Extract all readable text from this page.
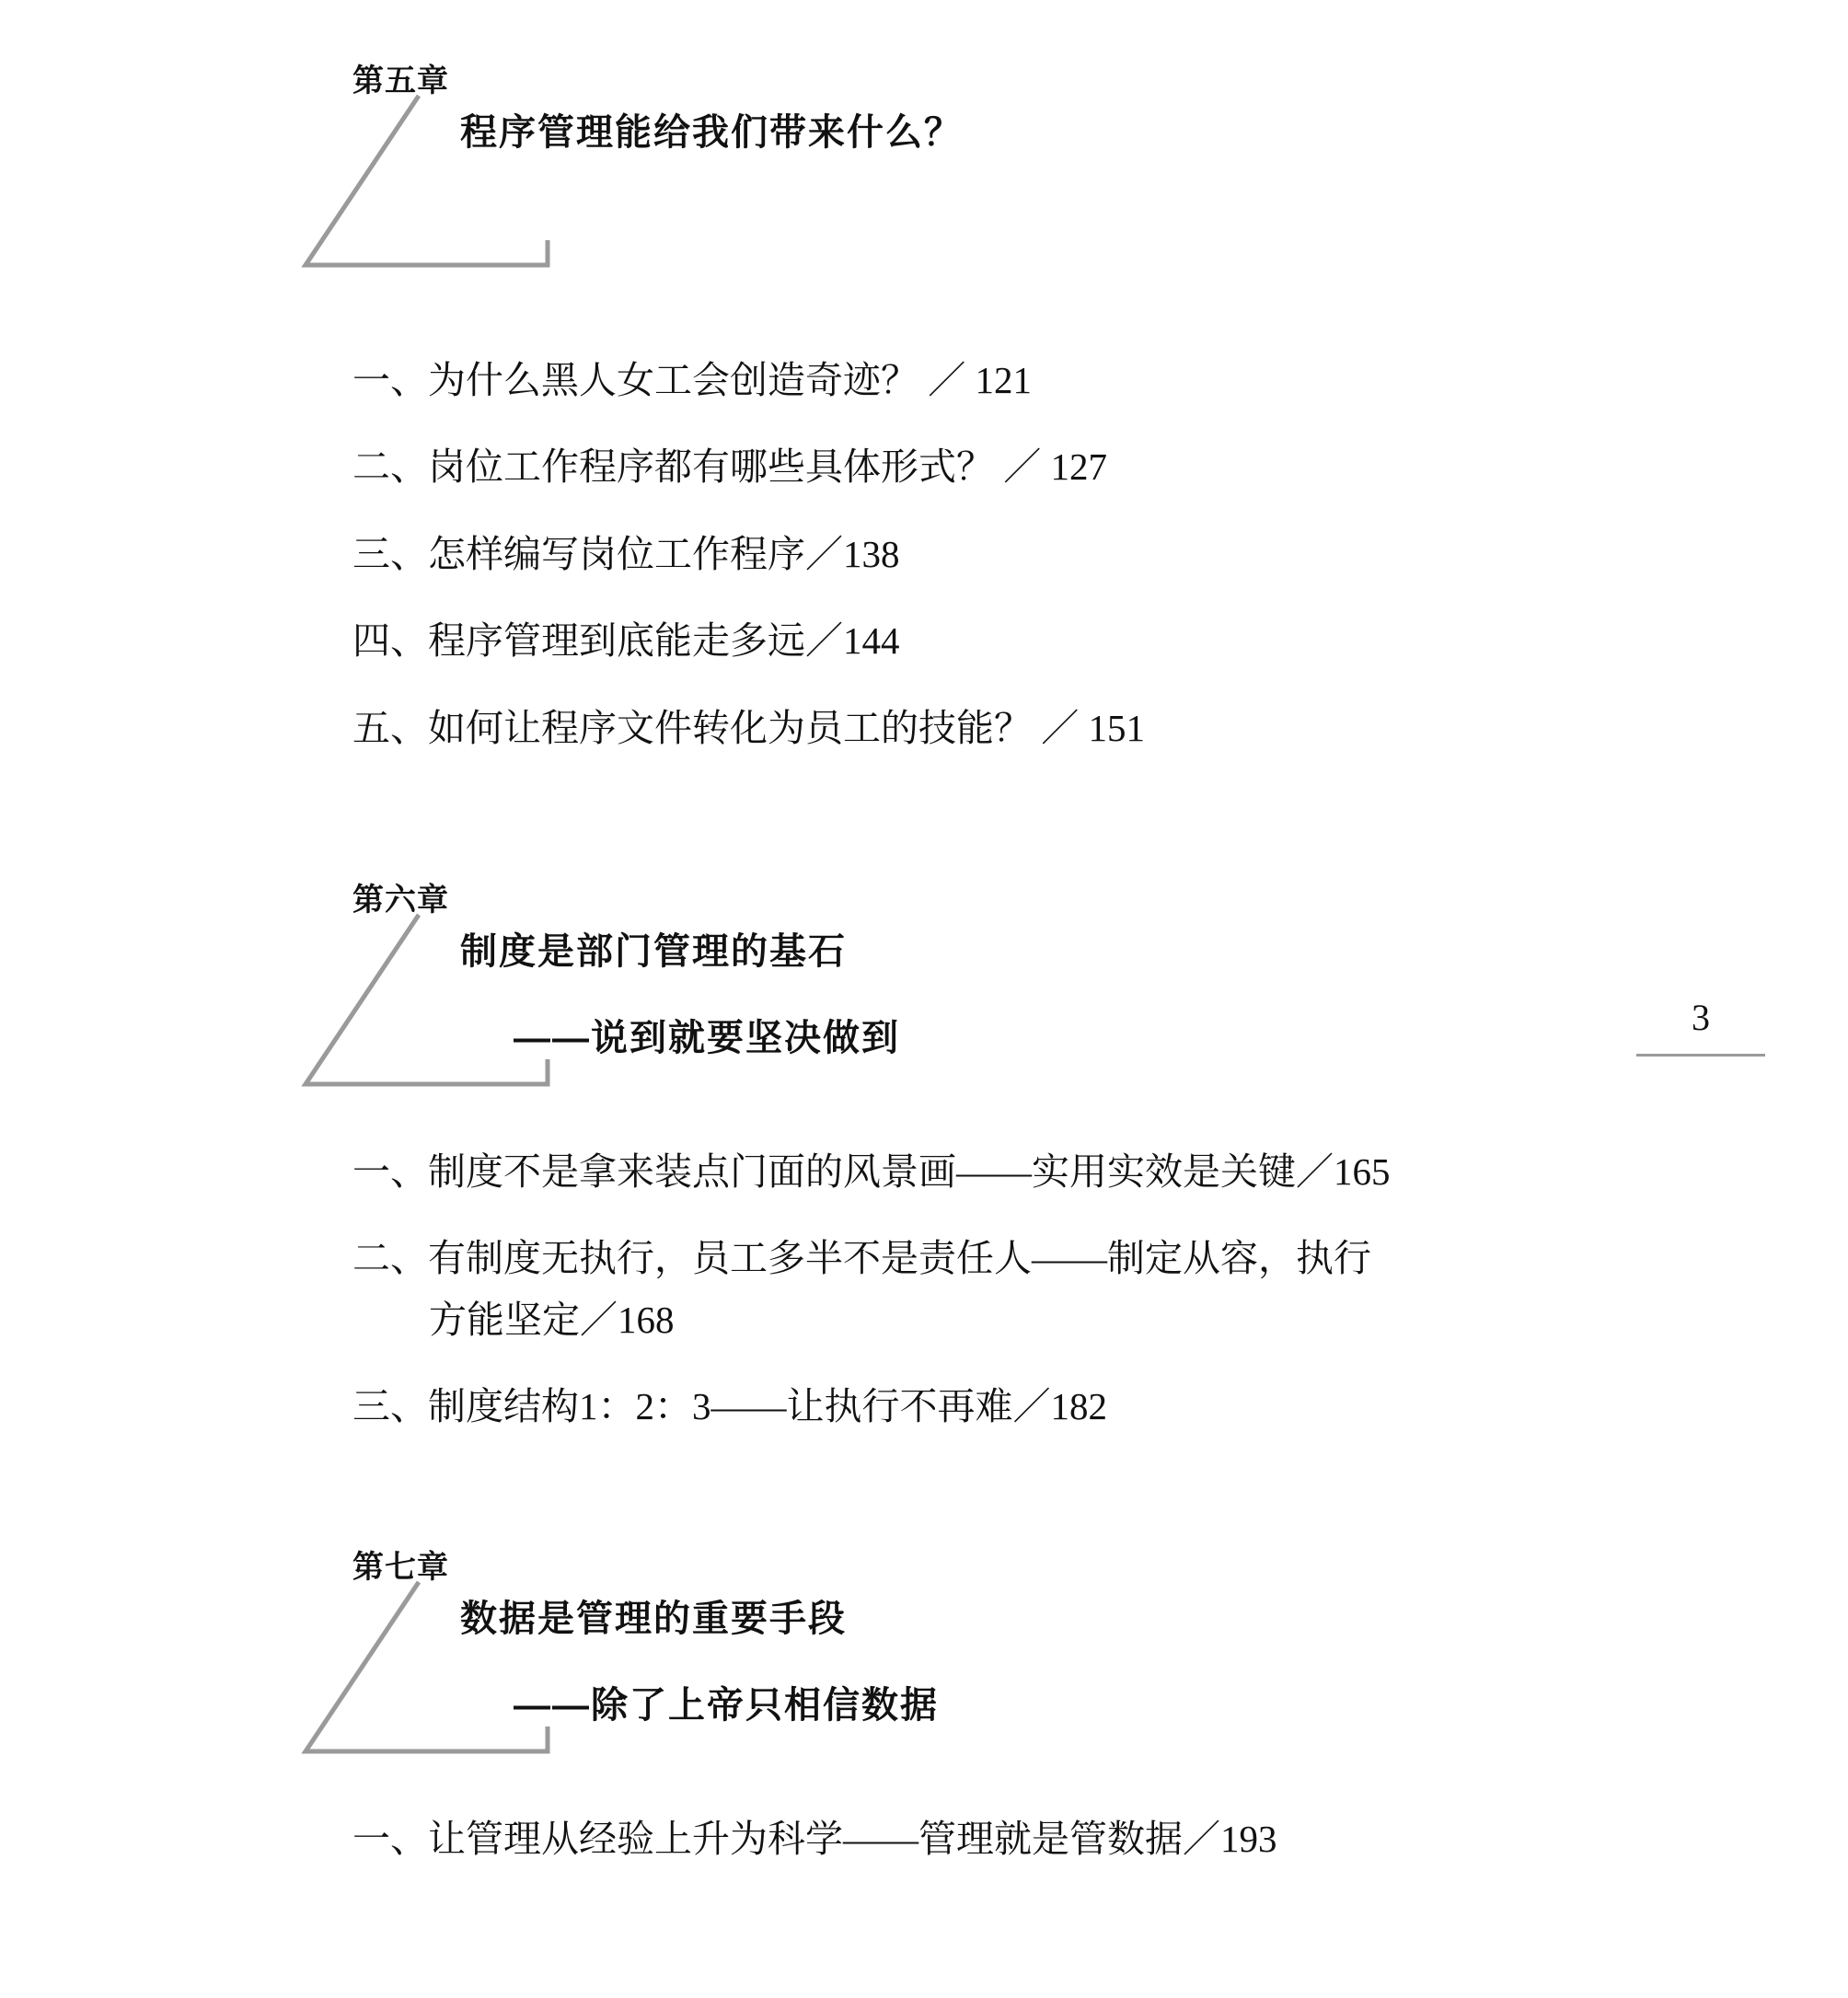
第五章
程序管理能给我们带来什么？
一、为什么黑人女工会创造奇迹？ ／ 121
二、岗位工作程序都有哪些具体形式？ ／ 127
三、怎样编写岗位工作程序／138
四、程序管理到底能走多远／144
五、如何让程序文件转化为员工的技能？ ／ 151
第六章
制度是部门管理的基石
——说到就要坚决做到
一、制度不是拿来装点门面的风景画——实用实效是关键／165
二、有制度无执行，员工多半不是责任人——制定从容，执行
方能坚定／168
三、制度结构1：2：3——让执行不再难／182
第七章
数据是管理的重要手段
——除了上帝只相信数据
一、让管理从经验上升为科学——管理就是管数据／193
3
